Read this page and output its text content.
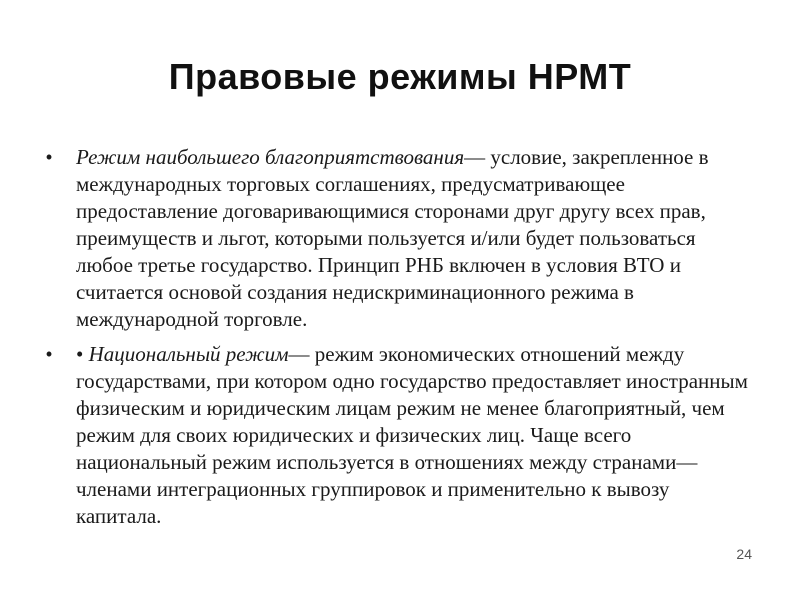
Правовые режимы НРМТ
• Режим наибольшего благоприятствования— условие, закрепленное в международных торговых соглашениях, предусматривающее предоставление договаривающимися сторонами друг другу всех прав, преимуществ и льгот, которыми пользуется и/или будет пользоваться любое третье государство. Принцип РНБ включен в условия ВТО и считается основой создания недискриминационного режима в международной торговле.
• • Национальный режим— режим экономических отношений между государствами, при котором одно государство предоставляет иностранным физическим и юридическим лицам режим не менее благоприятный, чем режим для своих юридических и физических лиц. Чаще всего национальный режим используется в отношениях между странами—членами интеграционных группировок и применительно к вывозу капитала.
24
